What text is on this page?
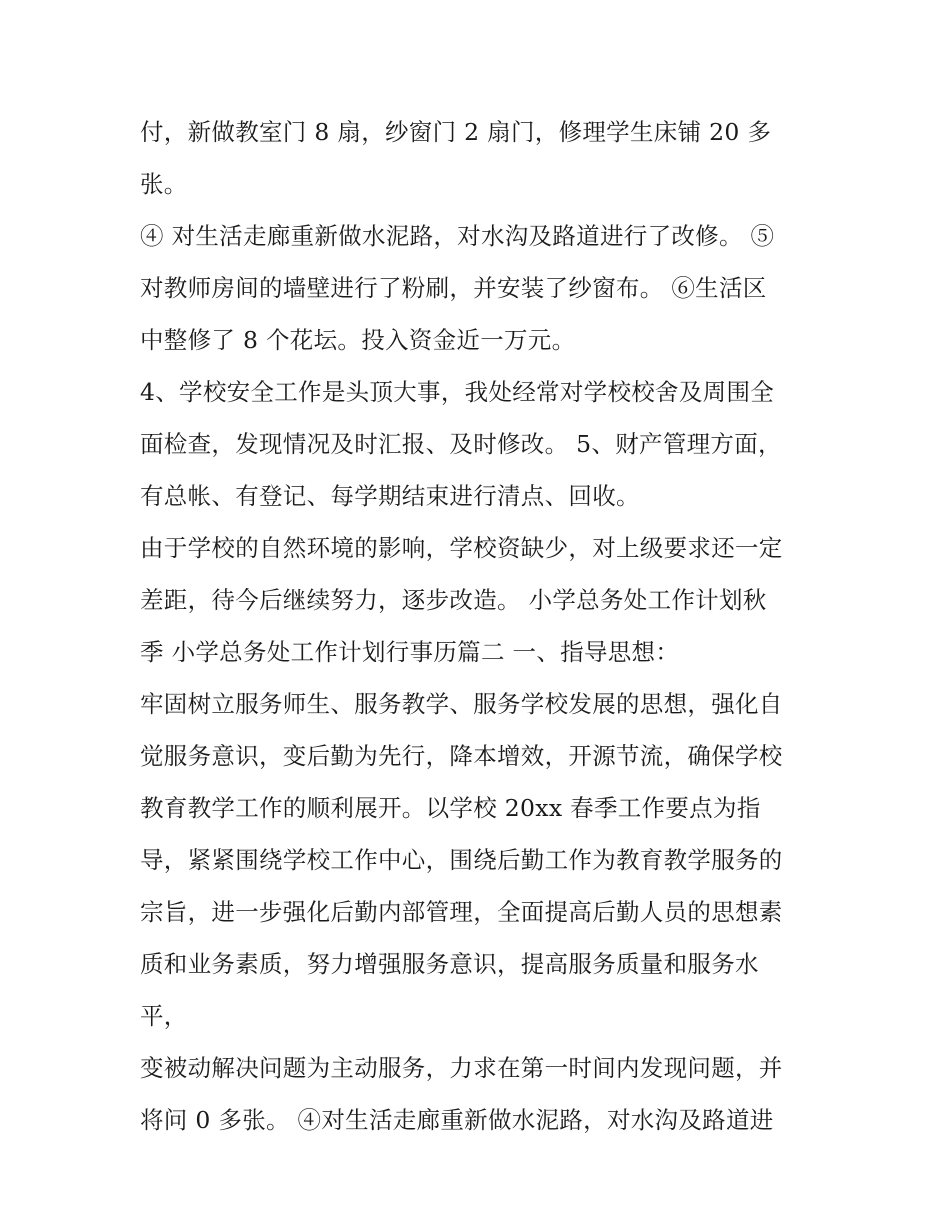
付，新做教室门 8 扇，纱窗门 2 扇门，修理学生床铺 20 多
张。
④ 对生活走廊重新做水泥路，对水沟及路道进行了改修。 ⑤
对教师房间的墙壁进行了粉刷，并安装了纱窗布。 ⑥生活区
中整修了 8 个花坛。投入资金近一万元。
4、学校安全工作是头顶大事，我处经常对学校校舍及周围全
面检查，发现情况及时汇报、及时修改。 5、财产管理方面，
有总帐、有登记、每学期结束进行清点、回收。
由于学校的自然环境的影响，学校资缺少，对上级要求还一定
差距，待今后继续努力，逐步改造。 小学总务处工作计划秋
季 小学总务处工作计划行事历篇二 一、指导思想：
牢固树立服务师生、服务教学、服务学校发展的思想，强化自
觉服务意识，变后勤为先行，降本增效，开源节流，确保学校
教育教学工作的顺利展开。以学校 20xx 春季工作要点为指
导，紧紧围绕学校工作中心，围绕后勤工作为教育教学服务的
宗旨，进一步强化后勤内部管理，全面提高后勤人员的思想素
质和业务素质，努力增强服务意识，提高服务质量和服务水
平，
变被动解决问题为主动服务，力求在第一时间内发现问题，并
将问 0 多张。 ④对生活走廊重新做水泥路，对水沟及路道进
